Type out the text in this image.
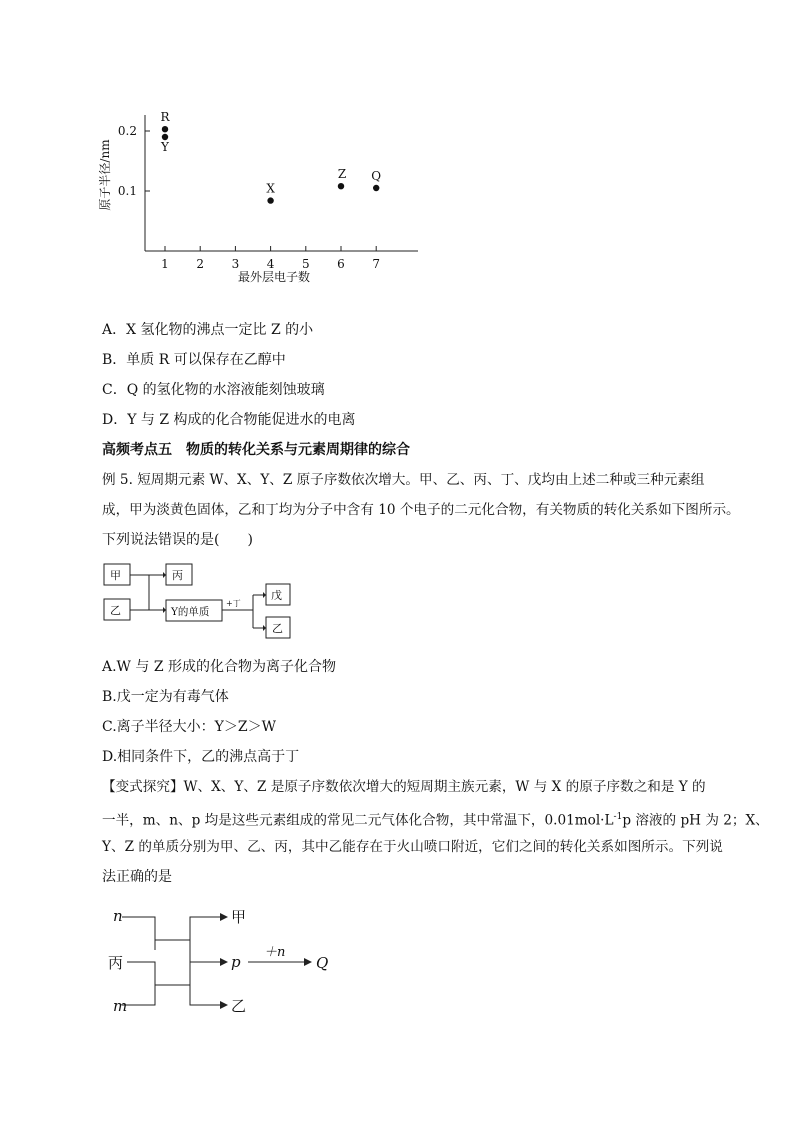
1 2 3 4 5 6 7
0.1
0.2
最外层电子数
原子半径/nm
R
Y
X
Z Q
A．X 氢化物的沸点一定比 Z 的小
B．单质 R 可以保存在乙醇中
C．Q 的氢化物的水溶液能刻蚀玻璃
D．Y 与 Z 构成的化合物能促进水的电离
高频考点五　物质的转化关系与元素周期律的综合
例 5. 短周期元素 W、X、Y、Z 原子序数依次增大。甲、乙、丙、丁、戊均由上述二种或三种元素组
成，甲为淡黄色固体，乙和丁均为分子中含有 10 个电子的二元化合物，有关物质的转化关系如下图所示。
下列说法错误的是(　　)
甲
乙
丙
Y的单质
+丁
戊
乙
A.W 与 Z 形成的化合物为离子化合物
B.戊一定为有毒气体
C.离子半径大小：Y＞Z＞W
D.相同条件下，乙的沸点高于丁
【变式探究】W、X、Y、Z 是原子序数依次增大的短周期主族元素，W 与 X 的原子序数之和是 Y 的
一半，m、n、p 均是这些元素组成的常见二元气体化合物，其中常温下，$0.01mol\cdot L^{-1}p$ 溶液的 pH 为 2；X、
Y、Z 的单质分别为甲、乙、丙，其中乙能存在于火山喷口附近，它们之间的转化关系如图所示。下列说
法正确的是
n
丙
m
甲
p
＋n
Q
乙
